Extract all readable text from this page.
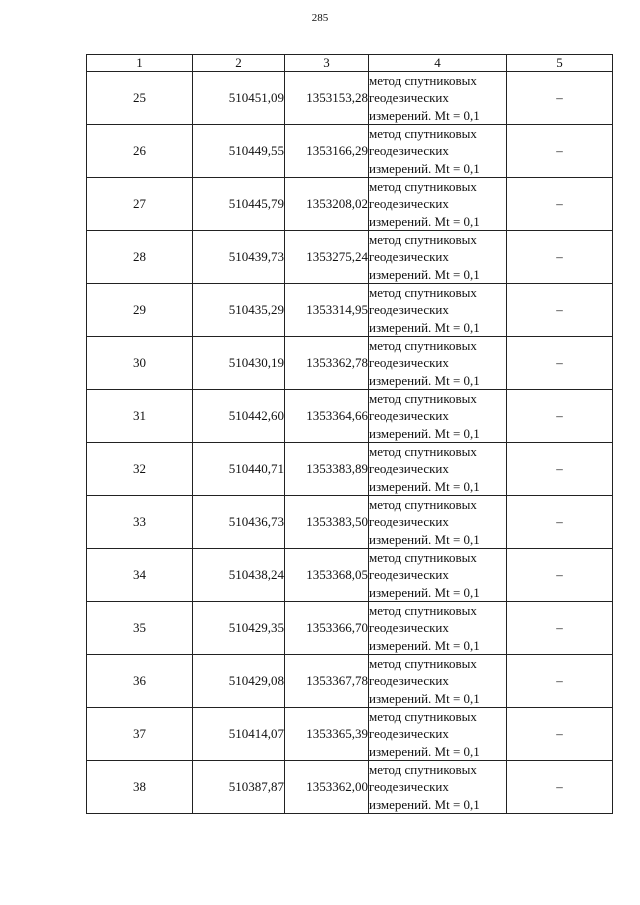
285
1	2	3	4	5
25	510451,09	1353153,28	метод спутниковых
геодезических
измерений. Mt = 0,1	–
26	510449,55	1353166,29	метод спутниковых
геодезических
измерений. Mt = 0,1	–
27	510445,79	1353208,02	метод спутниковых
геодезических
измерений. Mt = 0,1	–
28	510439,73	1353275,24	метод спутниковых
геодезических
измерений. Mt = 0,1	–
29	510435,29	1353314,95	метод спутниковых
геодезических
измерений. Mt = 0,1	–
30	510430,19	1353362,78	метод спутниковых
геодезических
измерений. Mt = 0,1	–
31	510442,60	1353364,66	метод спутниковых
геодезических
измерений. Mt = 0,1	–
32	510440,71	1353383,89	метод спутниковых
геодезических
измерений. Mt = 0,1	–
33	510436,73	1353383,50	метод спутниковых
геодезических
измерений. Mt = 0,1	–
34	510438,24	1353368,05	метод спутниковых
геодезических
измерений. Mt = 0,1	–
35	510429,35	1353366,70	метод спутниковых
геодезических
измерений. Mt = 0,1	–
36	510429,08	1353367,78	метод спутниковых
геодезических
измерений. Mt = 0,1	–
37	510414,07	1353365,39	метод спутниковых
геодезических
измерений. Mt = 0,1	–
38	510387,87	1353362,00	метод спутниковых
геодезических
измерений. Mt = 0,1	–
